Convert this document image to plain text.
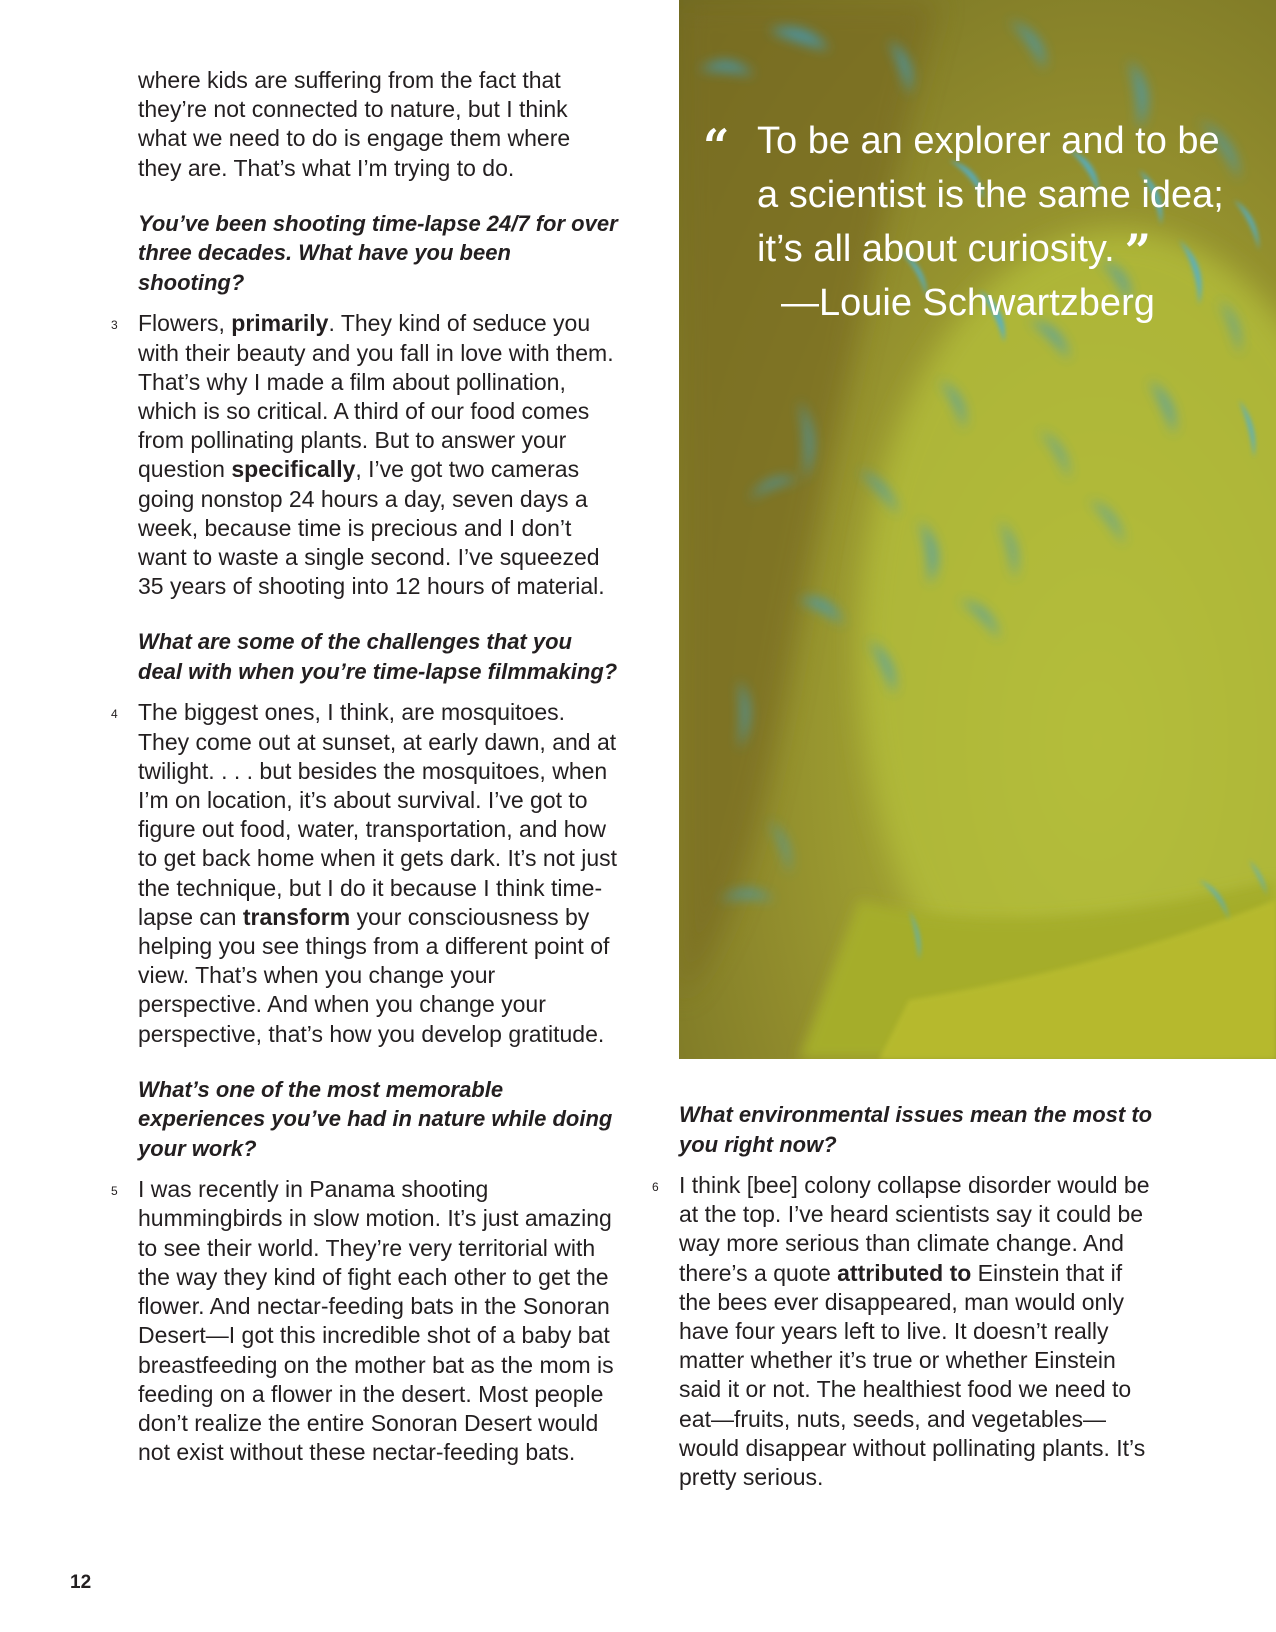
To be an explorer and to be a scientist is the same idea; it’s all about curiosity. ”
—Louie Schwartzberg

where kids are suffering from the fact that they’re not connected to nature, but I think what we need to do is engage them where they are. That’s what I’m trying to do.

You’ve been shooting time-lapse 24/7 for over three decades. What have you been shooting?

3 Flowers, primarily. They kind of seduce you with their beauty and you fall in love with them. That’s why I made a film about pollination, which is so critical. A third of our food comes from pollinating plants. But to answer your question specifically, I’ve got two cameras going nonstop 24 hours a day, seven days a week, because time is precious and I don’t want to waste a single second. I’ve squeezed 35 years of shooting into 12 hours of material.

What are some of the challenges that you deal with when you’re time-lapse filmmaking?

4 The biggest ones, I think, are mosquitoes. They come out at sunset, at early dawn, and at twilight. . . . but besides the mosquitoes, when I’m on location, it’s about survival. I’ve got to figure out food, water, transportation, and how to get back home when it gets dark. It’s not just the technique, but I do it because I think time-lapse can transform your consciousness by helping you see things from a different point of view. That’s when you change your perspective. And when you change your perspective, that’s how you develop gratitude.

What’s one of the most memorable experiences you’ve had in nature while doing your work?

5 I was recently in Panama shooting hummingbirds in slow motion. It’s just amazing to see their world. They’re very territorial with the way they kind of fight each other to get the flower. And nectar-feeding bats in the Sonoran Desert—I got this incredible shot of a baby bat breastfeeding on the mother bat as the mom is feeding on a flower in the desert. Most people don’t realize the entire Sonoran Desert would not exist without these nectar-feeding bats.

What environmental issues mean the most to you right now?

6 I think [bee] colony collapse disorder would be at the top. I’ve heard scientists say it could be way more serious than climate change. And there’s a quote attributed to Einstein that if the bees ever disappeared, man would only have four years left to live. It doesn’t really matter whether it’s true or whether Einstein said it or not. The healthiest food we need to eat—fruits, nuts, seeds, and vegetables—would disappear without pollinating plants. It’s pretty serious.

12
